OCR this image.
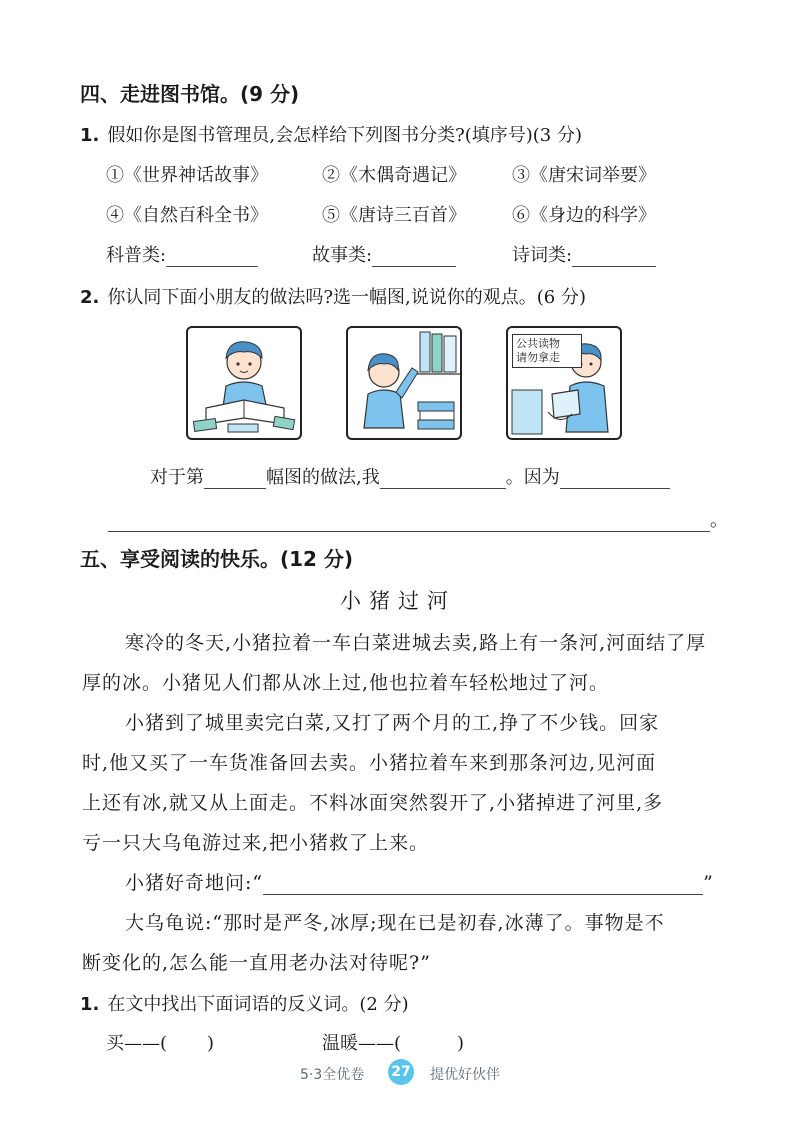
四、走进图书馆。(9 分)
1. 假如你是图书管理员,会怎样给下列图书分类?(填序号)(3 分)
①《世界神话故事》	②《木偶奇遇记》	③《唐宋词举要》
④《自然百科全书》	⑤《唐诗三百首》	⑥《身边的科学》
科普类:	故事类:	诗词类:
2. 你认同下面小朋友的做法吗?选一幅图,说说你的观点。(6 分)
公共读物
请勿拿走
对于第	幅图的做法,我	。因为
。
五、享受阅读的快乐。(12 分)
小猪过河
寒冷的冬天,小猪拉着一车白菜进城去卖,路上有一条河,河面结了厚
厚的冰。小猪见人们都从冰上过,他也拉着车轻松地过了河。
小猪到了城里卖完白菜,又打了两个月的工,挣了不少钱。回家
时,他又买了一车货准备回去卖。小猪拉着车来到那条河边,见河面
上还有冰,就又从上面走。不料冰面突然裂开了,小猪掉进了河里,多
亏一只大乌龟游过来,把小猪救了上来。
小猪好奇地问:“	”
大乌龟说:“那时是严冬,冰厚;现在已是初春,冰薄了。事物是不
断变化的,怎么能一直用老办法对待呢?”
1. 在文中找出下面词语的反义词。(2 分)
买——( )	温暖——(	)
5·3全优卷 27 提优好伙伴
